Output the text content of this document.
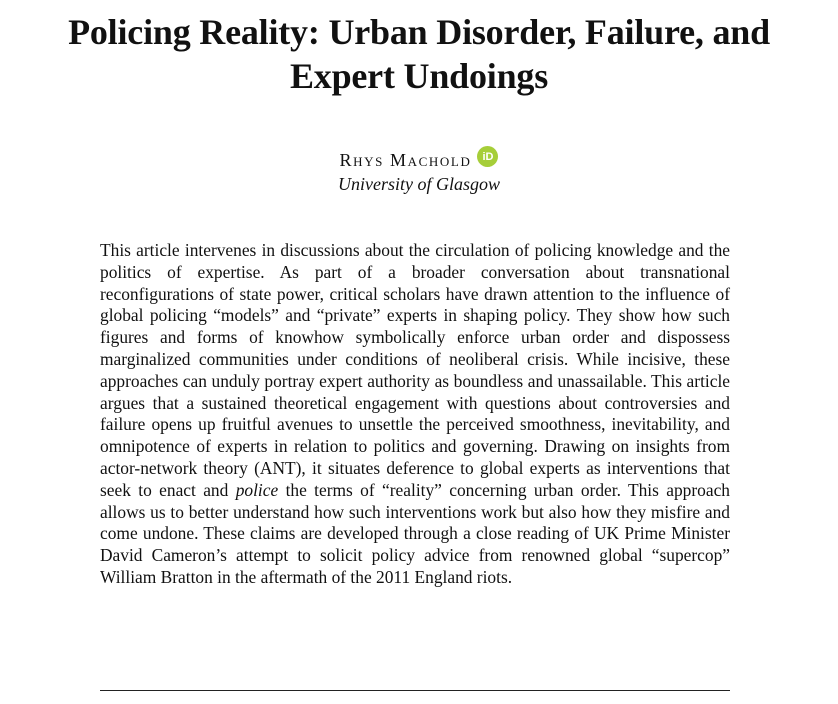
Policing Reality: Urban Disorder, Failure, and
Expert Undoings
Rhys Machold iD
University of Glasgow

This article intervenes in discussions about the circulation of policing knowledge and the politics of expertise. As part of a broader conversation about transnational reconfigurations of state power, critical scholars have drawn attention to the influence of global policing “models” and “private” experts in shaping policy. They show how such figures and forms of knowhow symbolically enforce urban order and dispossess marginalized communities under conditions of neoliberal crisis. While incisive, these approaches can unduly portray expert authority as boundless and unassailable. This article argues that a sustained theoretical engagement with questions about controversies and failure opens up fruitful avenues to unsettle the perceived smoothness, inevitability, and omnipotence of experts in relation to politics and governing. Drawing on insights from actor-network theory (ANT), it situates deference to global experts as interventions that seek to enact and police the terms of “reality” concerning urban order. This approach allows us to better understand how such interventions work but also how they misfire and come undone. These claims are developed through a close reading of UK Prime Minister David Cameron’s attempt to solicit policy advice from renowned global “supercop” William Bratton in the aftermath of the 2011 England riots.
